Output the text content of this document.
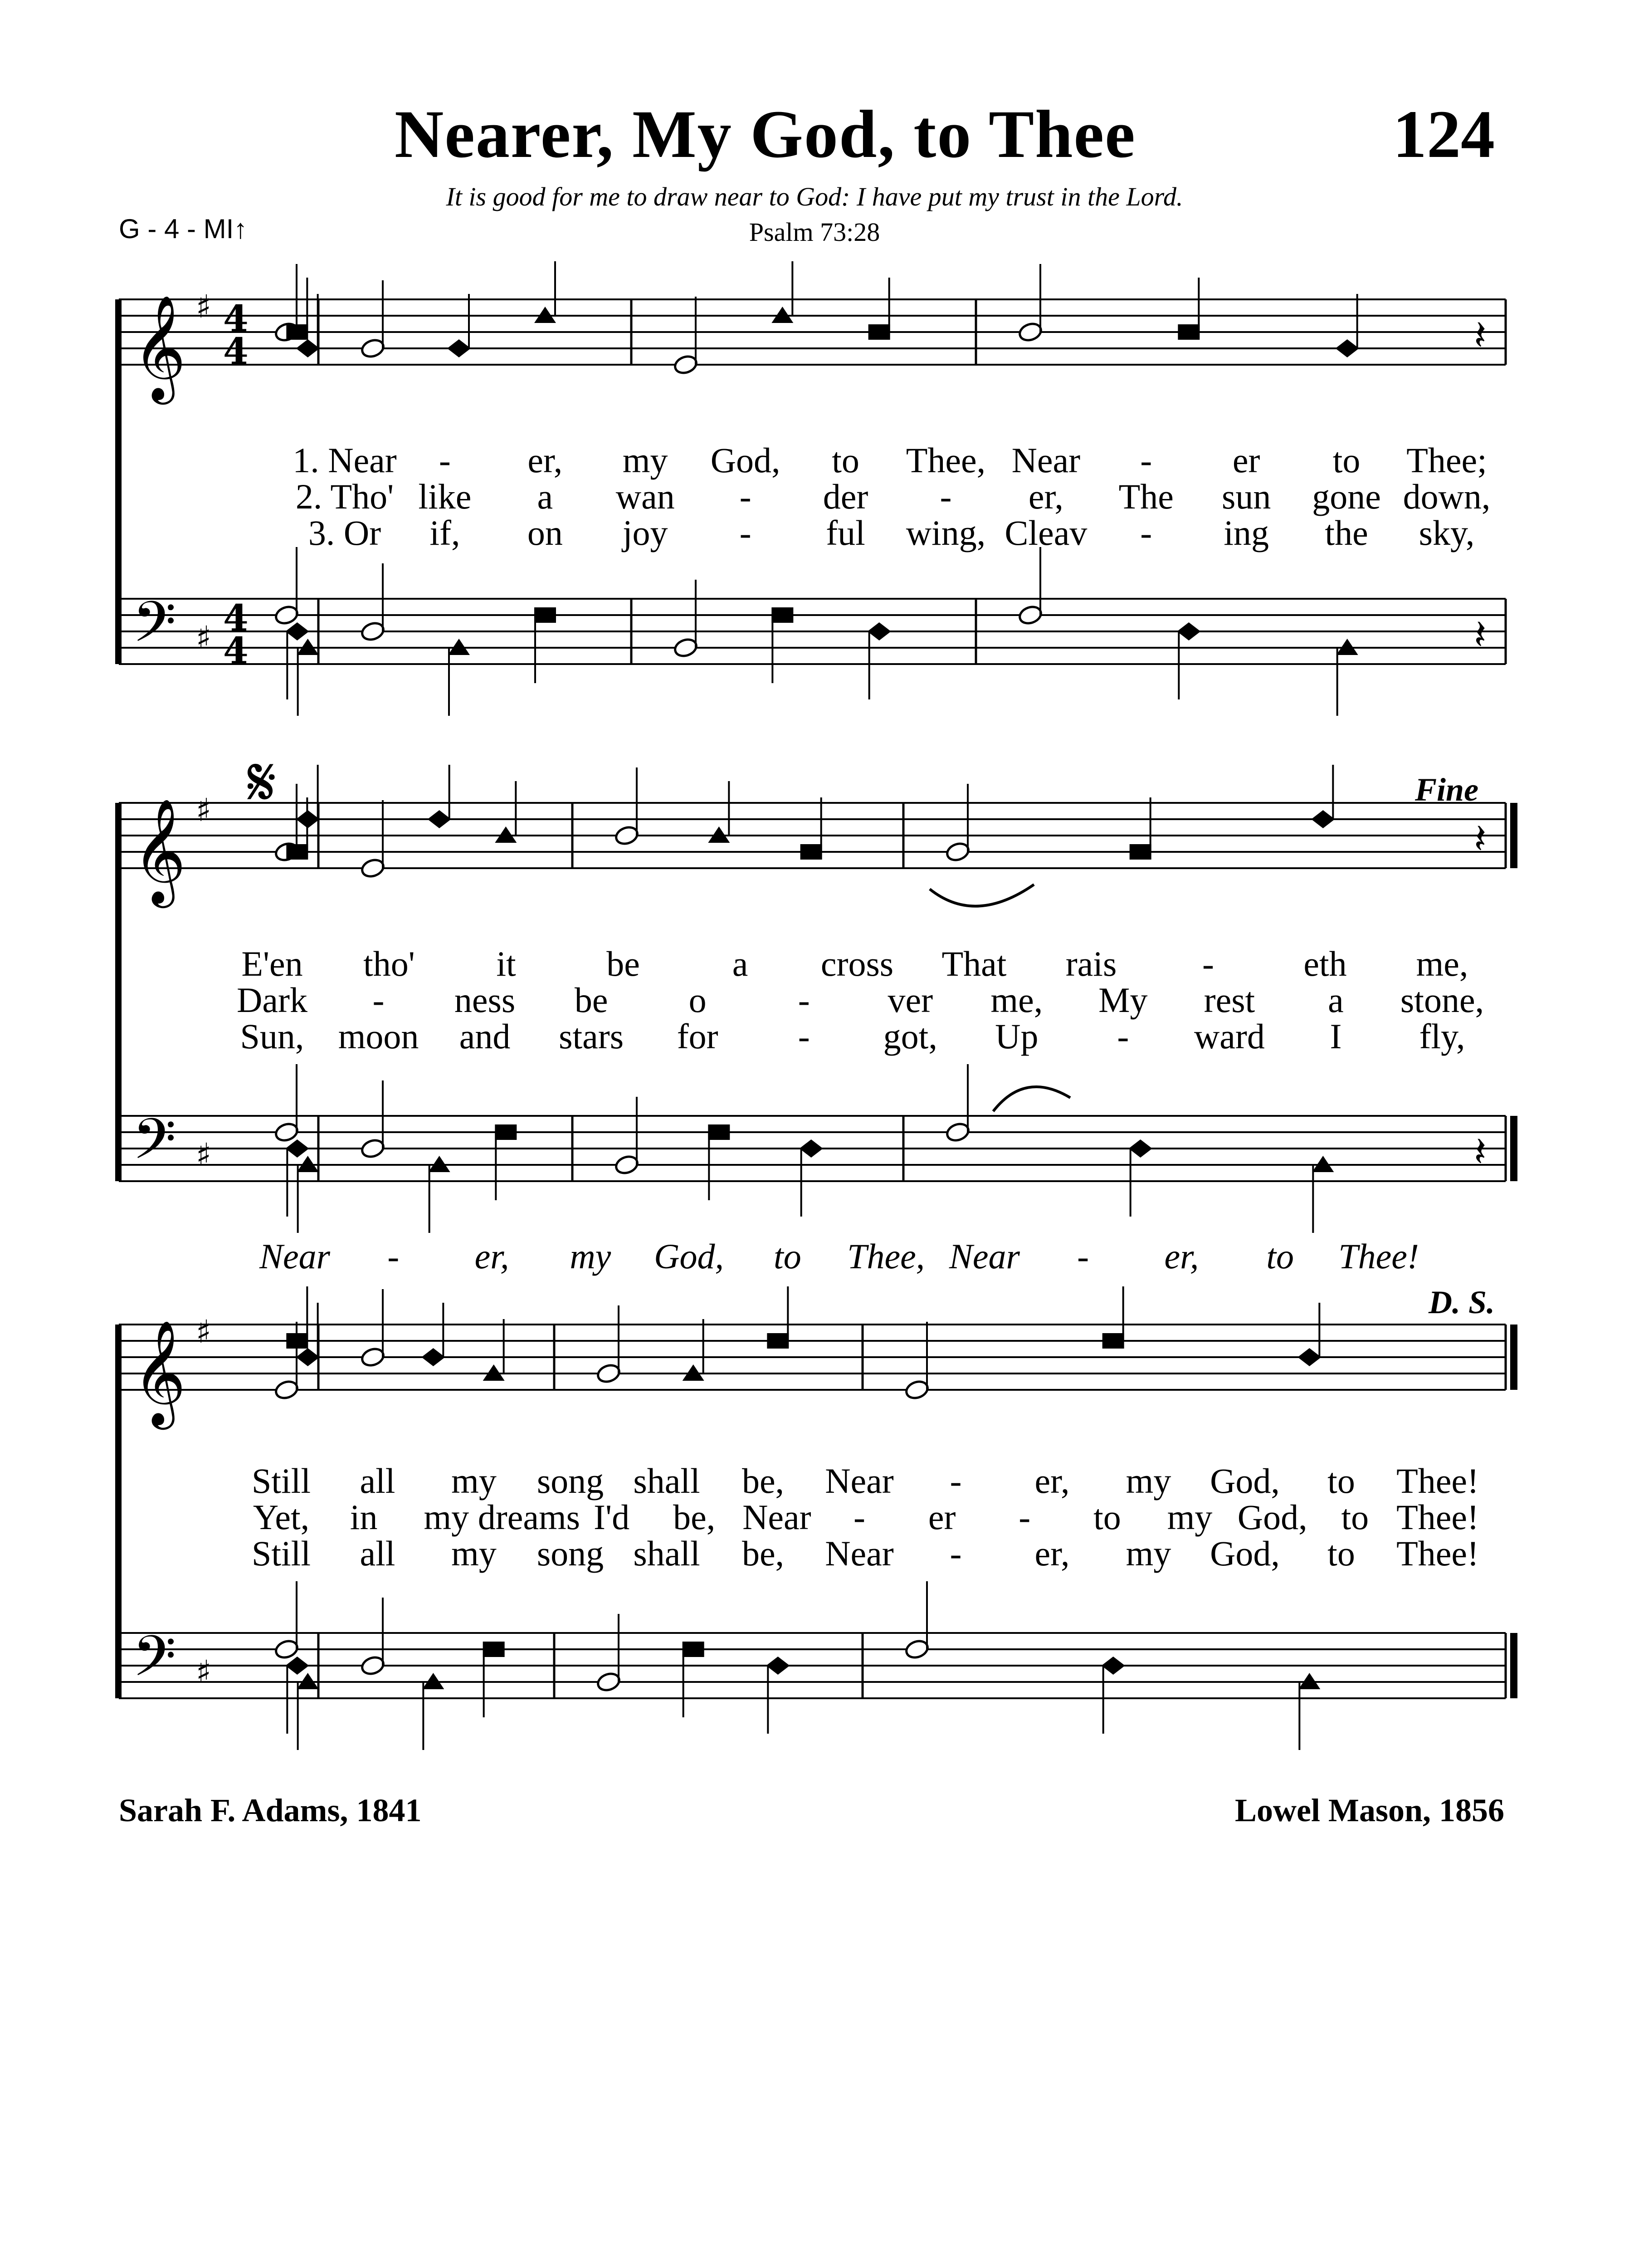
Nearer, My God, to Thee	124
It is good for me to draw near to God: I have put my trust in the Lord.
Psalm 73:28
G - 4 - MI↑
𝄞
𝄢
♯
♯
4
4
4
4
𝄽
𝄽
𝄞
𝄢
♯
♯
𝄽
𝄽
𝄞
𝄢
♯
♯
Fine
D. S.
𝄋
1. Near - er, my God, to Thee, Near - er to Thee;
2. Tho' like a wan - der - er, The sun gone down,
3. Or if, on joy - ful wing, Cleav - ing the sky,
E'en tho' it	be	a cross That rais -	eth me,
Dark - ness be o	- ver me, My rest a stone,
Sun, moon and stars for - got, Up - ward I fly,
Near - er, my God, to Thee, Near - er, to Thee!
Still all my song shall be, Near - er, my God, to Thee!
Yet, in my dreams I'd be, Near - er - to my God, to Thee!
Still all my song shall be, Near - er, my God, to Thee!
Sarah F. Adams, 1841	Lowel Mason, 1856
